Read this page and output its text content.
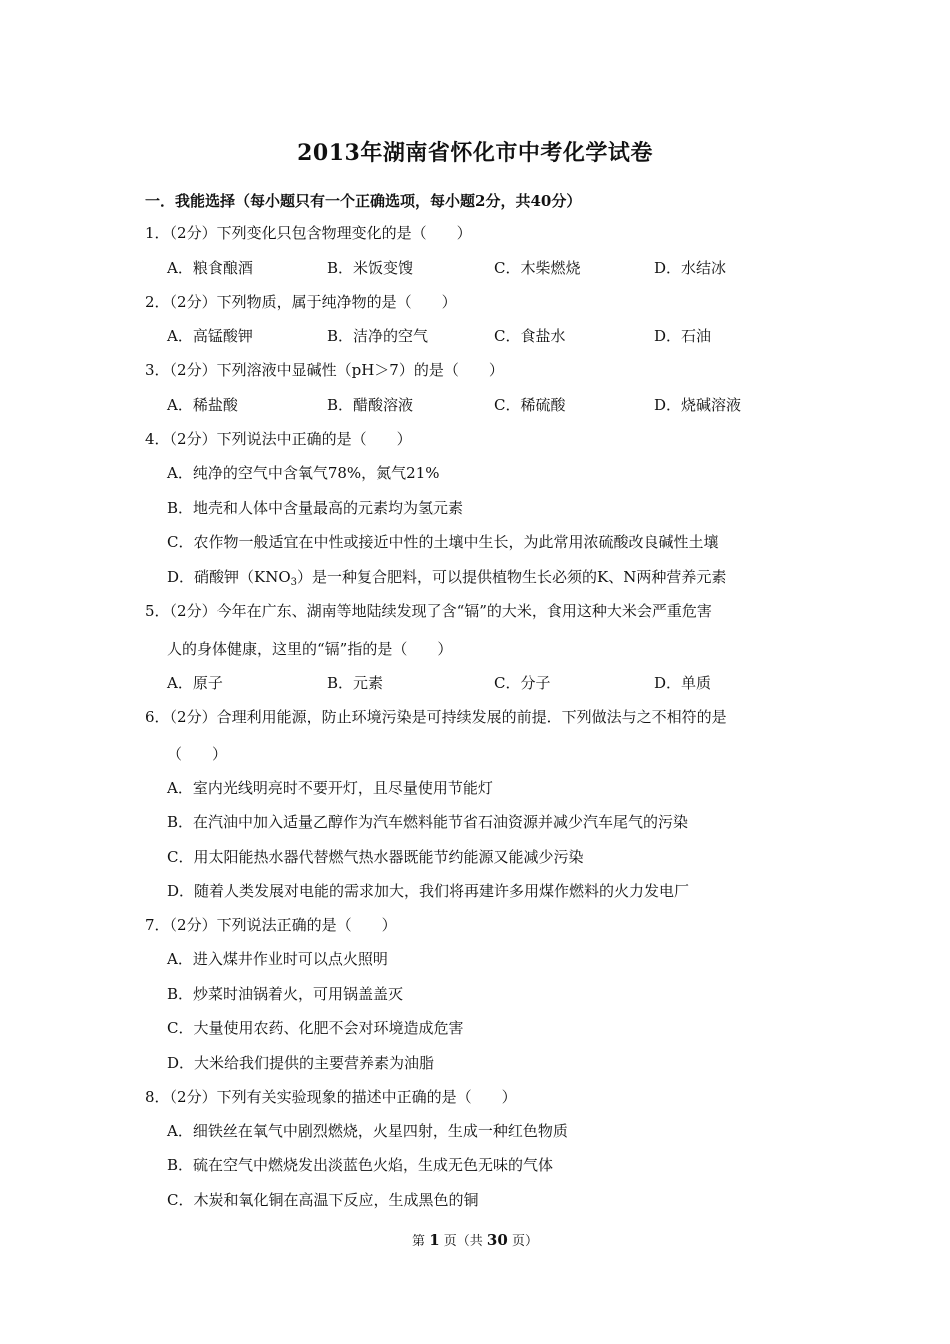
2013年湖南省怀化市中考化学试卷
一．我能选择（每小题只有一个正确选项，每小题2分，共40分）
1．（2分）下列变化只包含物理变化的是（　　）
A．粮食酿酒	B．米饭变馊	C．木柴燃烧	D．水结冰
2．（2分）下列物质，属于纯净物的是（　　）
A．高锰酸钾	B．洁净的空气	C．食盐水	D．石油
3．（2分）下列溶液中显碱性（pH＞7）的是（　　）
A．稀盐酸	B．醋酸溶液	C．稀硫酸	D．烧碱溶液
4．（2分）下列说法中正确的是（　　）
A．纯净的空气中含氧气78%，氮气21%
B．地壳和人体中含量最高的元素均为氢元素
C．农作物一般适宜在中性或接近中性的土壤中生长，为此常用浓硫酸改良碱性土壤
D．硝酸钾$(KNO_3)$是一种复合肥料，可以提供植物生长必须的K、N两种营养元素
5．（2分）今年在广东、湖南等地陆续发现了含“镉”的大米，食用这种大米会严重危害
人的身体健康，这里的“镉”指的是（　　）
A．原子	B．元素	C．分子	D．单质
6．（2分）合理利用能源，防止环境污染是可持续发展的前提．下列做法与之不相符的是
（　　）
A．室内光线明亮时不要开灯，且尽量使用节能灯
B．在汽油中加入适量乙醇作为汽车燃料能节省石油资源并减少汽车尾气的污染
C．用太阳能热水器代替燃气热水器既能节约能源又能减少污染
D．随着人类发展对电能的需求加大，我们将再建许多用煤作燃料的火力发电厂
7．（2分）下列说法正确的是（　　）
A．进入煤井作业时可以点火照明
B．炒菜时油锅着火，可用锅盖盖灭
C．大量使用农药、化肥不会对环境造成危害
D．大米给我们提供的主要营养素为油脂
8．（2分）下列有关实验现象的描述中正确的是（　　）
A．细铁丝在氧气中剧烈燃烧，火星四射，生成一种红色物质
B．硫在空气中燃烧发出淡蓝色火焰，生成无色无味的气体
C．木炭和氧化铜在高温下反应，生成黑色的铜
第 1 页（共 30 页）
